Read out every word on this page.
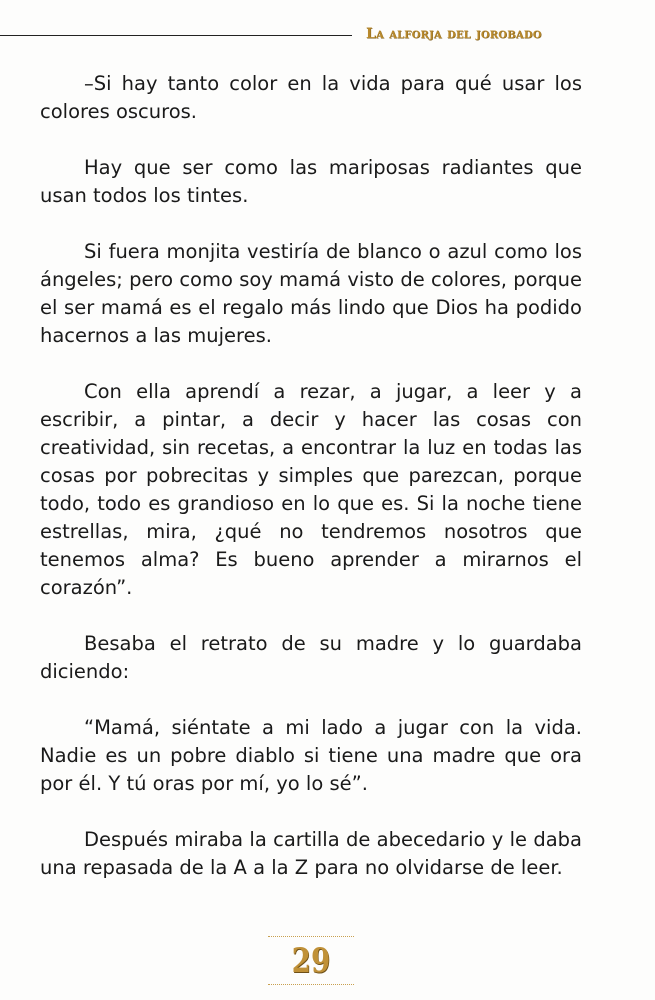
La alforja del jorobado

–Si hay tanto color en la vida para qué usar los colores oscuros.

Hay que ser como las mariposas radiantes que usan todos los tintes.

Si fuera monjita vestiría de blanco o azul como los ángeles; pero como soy mamá visto de colores, porque el ser mamá es el regalo más lindo que Dios ha podido hacernos a las mujeres.

Con ella aprendí a rezar, a jugar, a leer y a escribir, a pintar, a decir y hacer las cosas con creatividad, sin recetas, a encontrar la luz en todas las cosas por pobrecitas y simples que parezcan, porque todo, todo es grandioso en lo que es. Si la noche tiene estrellas, mira, ¿qué no tendremos nosotros que tenemos alma? Es bueno aprender a mirarnos el corazón”.

Besaba el retrato de su madre y lo guardaba diciendo:

“Mamá, siéntate a mi lado a jugar con la vida. Nadie es un pobre diablo si tiene una madre que ora por él. Y tú oras por mí, yo lo sé”.

Después miraba la cartilla de abecedario y le daba una repasada de la A a la Z para no olvidarse de leer.

29
